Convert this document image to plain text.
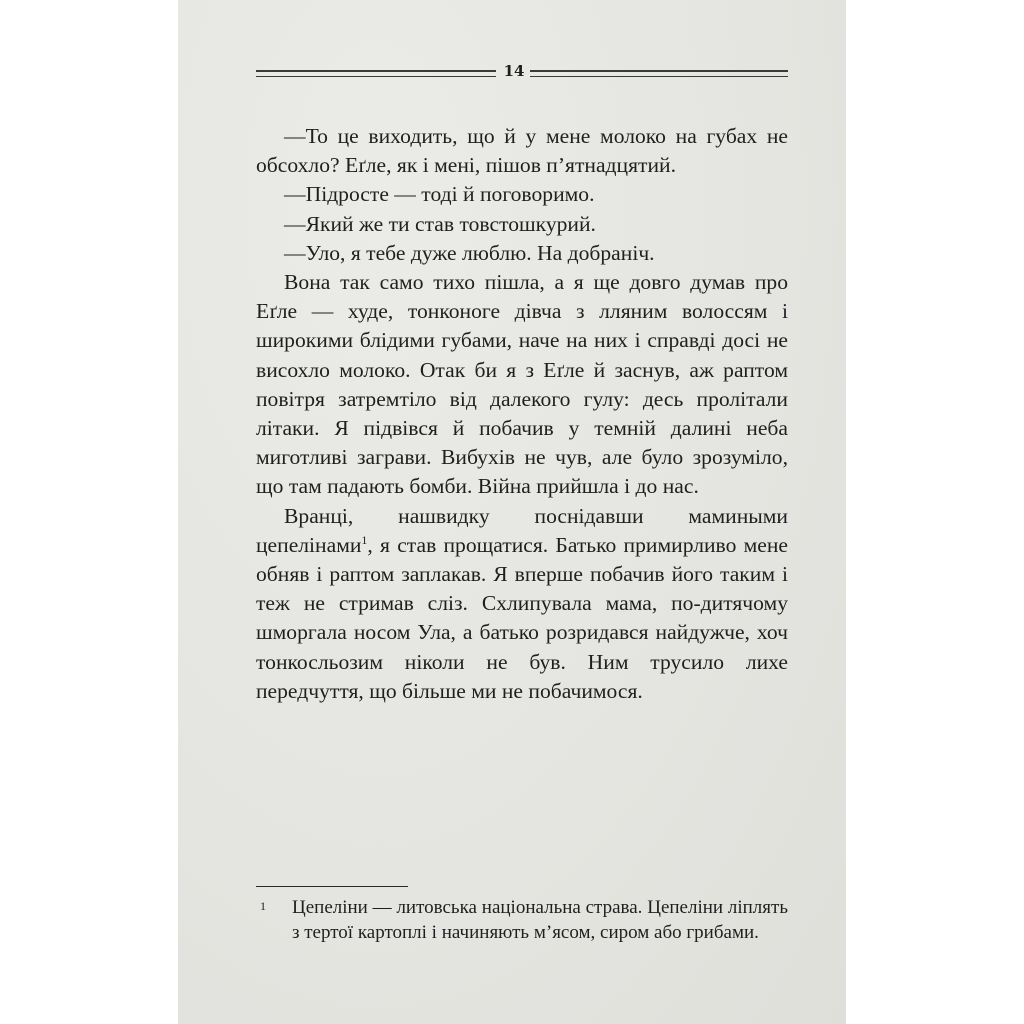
14

—То це виходить, що й у мене молоко на губах не обсохло? Еґле, як і мені, пішов п’ятнадцятий.

—Підросте — тоді й поговоримо.

—Який же ти став товстошкурий.

—Уло, я тебе дуже люблю. На добраніч.

Вона так само тихо пішла, а я ще довго думав про Еґле — худе, тонконоге дівча з лляним волоссям і широкими блідими губами, наче на них і справді досі не висохло молоко. Отак би я з Еґле й заснув, аж раптом повітря затремтіло від далекого гулу: десь пролітали літаки. Я підвівся й побачив у темній далині неба миготливі заграви. Вибухів не чув, але було зрозуміло, що там падають бомби. Війна прийшла і до нас.

Вранці, нашвидку поснідавши мамиными цепелінами$^1$, я став прощатися. Батько примирливо мене обняв і раптом заплакав. Я вперше побачив його таким і теж не стримав сліз. Схлипувала мама, по-дитячому шморгала носом Ула, а батько розридався найдужче, хоч тонкосльозим ніколи не був. Ним трусило лихе передчуття, що більше ми не побачимося.

1 Цепеліни — литовська національна страва. Цепеліни ліплять з тертої картоплі і начиняють м’ясом, сиром або грибами.
